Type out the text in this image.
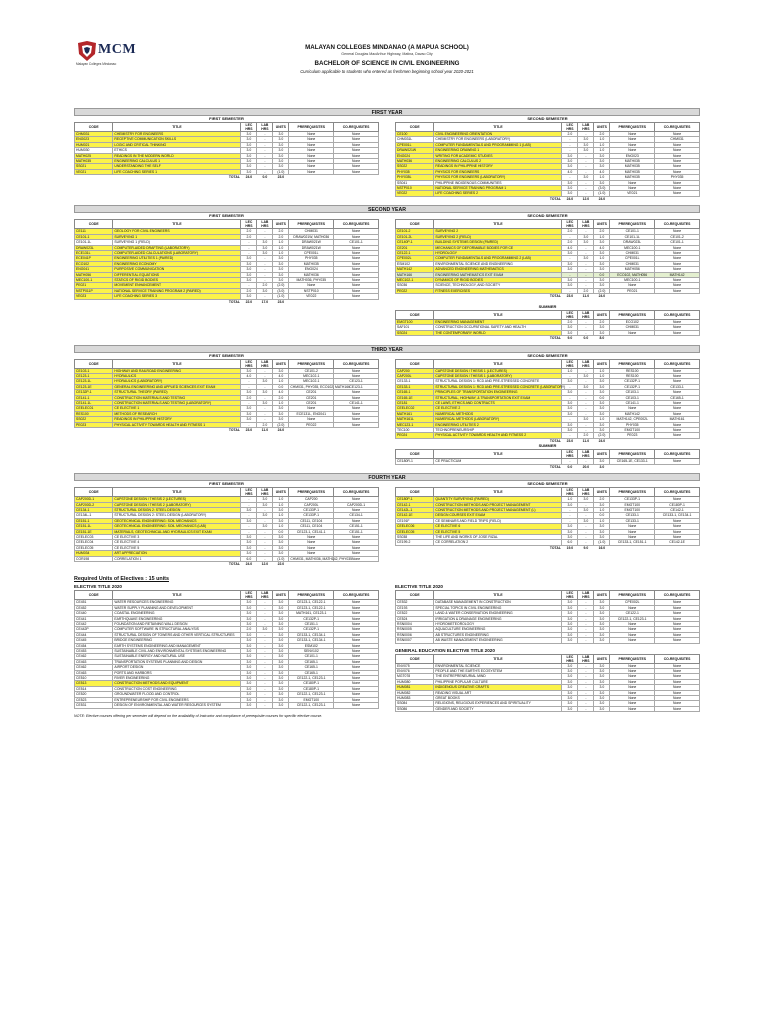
MCM
Malayan Colleges Mindanao
MALAYAN COLLEGES MINDANAO (A MAPUA SCHOOL)
General Douglas MacArthur Highway, Matina, Davao City
BACHELOR OF SCIENCE IN CIVIL ENGINEERING
Curriculum applicable to students who entered as freshmen beginning school year 2020-2021
FIRST YEAR
FIRST SEMESTER
CODE	TITLE	LEC HRS	LAB HRS	UNITS	PREREQUISITES	CO-REQUISITES
CHM031	CHEMISTRY FOR ENGINEERS	3.0	-	3.0	None	None
ENG023	RECEPTIVE COMMUNICATION SKILLS	3.0	-	3.0	None	None
HUM021	LOGIC AND CRITICAL THINKING	3.0	-	3.0	None	None
HUM030	ETHICS	3.0	-	3.0	None	None
MATH025	READINGS IN THE MODERN WORLD	3.0	-	3.0	None	None
MATH035	ENGINEERING CALCULUS 1	3.0	-	3.0	None	None
SS021	UNDERSTANDING THE SELF	3.0	-	3.0	None	None
VE021	LIFE COACHING SERIES 1	3.0	-	(1.0)	None	None
TOTAL		24.0	0.0	23.0		
SECOND SEMESTER
CODE	TITLE	LEC HRS	LAB HRS	UNITS	PREREQUISITES	CO-REQUISITES
CE100	CIVIL ENGINEERING ORIENTATION	2.0	-	2.0	None	None
CHM031L	CHEMISTRY FOR ENGINEERS (LABORATORY)	-	3.0	1.0	None	CHM031
CPE001L	COMPUTER FUNDAMENTALS AND PROGRAMMING 1 (LAB)	-	3.0	1.0	None	None
DRAW021W	ENGINEERING DRAWING 1	-	3.0	1.0	None	None
ENG024	WRITING FOR ACADEMIC STUDIES	3.0	-	3.0	ENG023	None
MATH036	ENGINEERING CALCULUS 2	3.0	-	3.0	MATH035	None
SS022	READINGS IN PHILIPPINE HISTORY	3.0	-	3.0	MATH035	None
PHY035	PHYSICS FOR ENGINEERS	4.0	-	4.0	MATH035	None
PHY035L	PHYSICS FOR ENGINEERS (LABORATORY)	-	3.0	1.0	MATH035	PHY035
SS041	PHILIPPINE INDIGENOUS COMMUNITIES	3.0	-	3.0	None	None
NSTP010	NATIONAL SERVICE TRAINING PROGRAM 1	3.0	-	(3.0)	None	None
VE022	LIFE COACHING SERIES 2	3.0	-	(1.0)	VE021	None
TOTAL		24.0	12.0	24.0		
SECOND YEAR
FIRST SEMESTER
CODE	TITLE	LEC HRS	LAB HRS	UNITS	PREREQUISITES	CO-REQUISITES
CE111	GEOLOGY FOR CIVIL ENGINEERS	2.0	-	2.0	CHM031	None
CE101-1	SURVEYING 1	2.0	-	2.0	DRAW021W, MATH036	None
CE101-1L	SURVEYING 1 (FIELD)	-	3.0	1.0	DRAW021W	CE101-1
DRAW023L	COMPUTER-AIDED DRAFTING (LABORATORY)	-	3.0	1.0	DRAW021W	None
ECE131L	COMPUTER-AIDED CALCULATIONS (LABORATORY)	-	3.0	1.0	CPE001L	None
ECE041P	ENGINEERING UTILITIES 1 (PAIRED)	3.0	-	3.0	PHY035	None
ECO102	ENGINEERING ECONOMY	3.0	-	3.0	MATH035	None
ENG041	PURPOSIVE COMMUNICATION	3.0	-	3.0	ENG024	None
MATH056	DIFFERENTIAL EQUATIONS	3.0	-	3.0	MATH036	None
MEC100-1	STATICS OF RIGID BODIES	3.0	-	3.0	MATH036, PHY035	None
PE021	MOVEMENT ENHANCEMENT	-	2.0	(2.0)	None	None
NSTP011P	NATIONAL SERVICE TRAINING PROGRAM 2 (PAIRED)	2.0	3.0	(3.0)	NSTP010	None
VE023	LIFE COACHING SERIES 3	3.0	-	(1.0)	VE022	None
TOTAL		22.0	17.0	23.0		
SECOND SEMESTER
CODE	TITLE	LEC HRS	LAB HRS	UNITS	PREREQUISITES	CO-REQUISITES
CE101-2	SURVEYING 2	2.0	-	2.0	CE101-1	None
CE101-2L	SURVEYING 2 (FIELD)	-	3.0	1.0	CE101-1L	CE101-2
CE140P-1	BUILDING SYSTEMS DESIGN (PAIRED)	2.0	3.0	3.0	DRAW023L	CE101-1
CE201	MECHANICS OF DEFORMABLE BODIES FOR CE	4.0	-	4.0	MEC100-1	None
CE122-1	HYDROLOGY	3.0	-	3.0	CHM031	None
CPE002L	COMPUTER FUNDAMENTALS AND PROGRAMMING 2 (LAB)	-	3.0	1.0	CPE001L	None
ESM102	ENVIRONMENTAL SCIENCE AND ENGINEERING	3.0	-	3.0	CHM031	None
MATH142	ADVANCED ENGINEERING MATHEMATICS	3.0	-	3.0	MATH056	None
MATH166	ENGINEERING MATHEMATICS EXIT EXAM	-	-	0.0	ECO102, MATH056	MATH142
MEC102-1	DYNAMICS OF RIGID BODIES	3.0	-	3.0	MEC100-1	None
SS036	SCIENCE, TECHNOLOGY, AND SOCIETY	3.0	-	3.0	None	None
PE022	FITNESS EXERCISES	-	2.0	(2.0)	PE021	None
TOTAL		23.0	11.0	24.0		
SUMMER
CODE	TITLE	LEC HRS	LAB HRS	UNITS	PREREQUISITES	CO-REQUISITES
EMGT100	ENGINEERING MANAGEMENT	2.0	-	2.0	ECO102	None
SAF101	CONSTRUCTION OCCUPATIONAL SAFETY AND HEALTH	3.0	-	3.0	CHM031	None
SS024	THE CONTEMPORARY WORLD	3.0	-	3.0	None	None
TOTAL		9.0	0.0	8.0		
THIRD YEAR
FIRST SEMESTER
CODE	TITLE	LEC HRS	LAB HRS	UNITS	PREREQUISITES	CO-REQUISITES
CE103-1	HIGHWAY AND RAILROAD ENGINEERING	3.0	-	3.0	CE101-2	None
CE123-1	HYDRAULICS	4.0	-	4.0	MEC102-1	None
CE123-1L	HYDRAULICS (LABORATORY)	-	3.0	1.0	MEC102-1	CE123-1
CE123-1E	GENERAL ENGINEERING AND APPLIED SCIENCES EXIT EXAM	-	-	0.0	CHM031, PHY035, ECO102, MATH166	CE123-1
CE132P-1	STRUCTURAL THEORY (PAIRED)	3.0	3.0	4.0	CE201	None
CE141-1	CONSTRUCTION MATERIALS AND TESTING	2.0	-	2.0	CE201	None
CE141-1L	CONSTRUCTION MATERIALS AND TESTING (LABORATORY)	-	3.0	1.0	CE201	CE141-1
CEELEC01	CE ELECTIVE 1	3.0	-	3.0	None	None
RES100	METHODS OF RESEARCH	3.0	-	3.0	ECE131L, ENG041	None
SS022	READINGS IN PHILIPPINE HISTORY	3.0	-	3.0	None	None
PE023	PHYSICAL ACTIVITY TOWARDS HEALTH AND FITNESS 1	-	2.0	(2.0)	PE022	None
TOTAL		23.0	11.0	24.0		
SECOND SEMESTER
CODE	TITLE	LEC HRS	LAB HRS	UNITS	PREREQUISITES	CO-REQUISITES
CAP200	CAPSTONE DESIGN / THESIS 1 (LECTURES)	1.0	-	1.0	RES100	None
CAP200L	CAPSTONE DESIGN / THESIS 1 (LABORATORY)	-	3.0	1.0	RES100	None
CE133-1	STRUCTURAL DESIGN 1: RCD AND PRE-STRESSED CONCRETE	3.0	-	3.0	CE132P-1	None
CE133-1	STRUCTURAL DESIGN 1: RCD AND PRE-STRESSED CONCRETE (LABORATORY)	-	3.0	3.0	CE132P-1	CE133-1
CE165-1	PRINCIPLES OF TRANSPORTATION ENGINEERING	3.0	-	3.0	CE103-1	None
CE165-1E	STRUCTURAL, HIGHWAY, & TRANSPORTATION EXIT EXAM	-	-	0.0	CE103-1	CE165-1
CE181	CE LAWS, ETHICS AND CONTRACTS	3.0	-	3.0	CE141-1	None
CEELEC02	CE ELECTIVE 2	3.0	-	3.0	None	None
MATH161	NUMERICAL METHODS	3.0	-	3.0	MATH142	None
MATH161L	NUMERICAL METHODS (LABORATORY)	-	3.0	1.0	MATH142, CPE002L	MATH161
MEC123-1	ENGINEERING UTILITIES 2	3.0	-	3.0	PHY035	None
TEC100	TECHNOPRENEURSHIP	3.0	-	3.0	EMGT100	None
PE024	PHYSICAL ACTIVITY TOWARDS HEALTH AND FITNESS 2	-	2.0	(2.0)	PE023	None
TOTAL		23.0	11.0	24.0		
SUMMER
CODE	TITLE	LEC HRS	LAB HRS	UNITS	PREREQUISITES	CO-REQUISITES
CE180R-1	CE PRACTICUM	-	-	3.0	CE165-1E, CE133-1	None
TOTAL		0.0	20.0	3.0		
FOURTH YEAR
FIRST SEMESTER
CODE	TITLE	LEC HRS	LAB HRS	UNITS	PREREQUISITES	CO-REQUISITES
CAP200D-1	CAPSTONE DESIGN / THESIS 2 (LECTURES)	-	3.0	1.0	CAP200	None
CAP200D-2	CAPSTONE DESIGN / THESIS 2 (LABORATORY)	-	3.0	1.0	CAP200L	CAP200D-1
CE134-1	STRUCTURAL DESIGN 2: STEEL DESIGN	3.0	-	3.0	CE133P-1	None
CE134L-1	STRUCTURAL DESIGN 2: STEEL DESIGN (LABORATORY)	-	3.0	1.0	CE133P-1	CE134-1
CE151-1	GEOTECHNICAL ENGINEERING: SOIL MECHANICS	3.0	-	3.0	CE111, CE104	None
CE151-1L	GEOTECHNICAL ENGINEERING: SOIL MECHANICS (LAB)	-	3.0	1.0	CE111, CE104	CE151-1
CE151-1E	MATERIALS, GEOTECHNICAL AND HYDRAULICS EXIT EXAM	-	-	0.0	CE123-1, CE141-1	CE151-1
CEELEC03	CE ELECTIVE 3	3.0	-	3.0	None	None
CEELEC04	CE ELECTIVE 4	3.0	-	3.0	None	None
CEELEC05	CE ELECTIVE 5	3.0	-	3.0	None	None
HUM034	ART APPRECIATION	3.0	-	3.0	None	None
COR198	CORRELATION 1	6.0	-	(1.0)	CHM031, MATH036, MATH142, PHY035	None
TOTAL		24.0	12.0	22.0		
SECOND SEMESTER
CODE	TITLE	LEC HRS	LAB HRS	UNITS	PREREQUISITES	CO-REQUISITES
CE180P-1	QUANTITY SURVEYING (PAIRED)	1.0	3.0	2.0	CE133P-1	None
CE142-1	CONSTRUCTION METHODS AND PROJECT MANAGEMENT	3.0	-	3.0	EMGT100	CE180P-1
CE142L-1	CONSTRUCTION METHODS AND PROJECT MANAGEMENT (L)	-	3.0	1.0	EMGT100	CE142-1
CE142-1E	DESIGN COURSES EXIT EXAM	-	-	0.0	CE133-1	CE133-1, CE134-1
CE191F	CE SEMINARS AND FIELD TRIPS (FIELD)	-	3.0	1.0	CE133-1	None
CEELEC06	CE ELECTIVE 6	3.0	-	3.0	None	None
CEELEC05	CE ELECTIVE 5	3.0	-	3.0	None	None
SS038	THE LIFE AND WORKS OF JOSE RIZAL	3.0	-	3.0	None	None
CE199-2	CE CORRELATION 2	6.0	-	(1.0)	CE133-1, CE151-1	CE142-1E
TOTAL		19.0	9.0	16.0		
Required Units of Electives : 15 units
ELECTIVE TITLE 2020
CODE	TITLE	LEC HRS	LAB HRS	UNITS	PREREQUISITES	CO-REQUISITES
CE451	WATER RESOURCES ENGINEERING	3.0	-	3.0	CE123-1, CE122-1	None
CE452	WATER SUPPLY PLANNING AND DEVELOPMENT	3.0	-	3.0	CE123-1, CE122-1	None
CE440	COASTAL ENGINEERING	3.0	-	3.0	MATH161, CE123-1	None
CE441	EARTHQUAKE ENGINEERING	3.0	-	3.0	CE132P-1	None
CE442	FOUNDATION AND RETAINING WALL DESIGN	3.0	-	3.0	CE151-1	None
CE442P	COMPUTER SOFTWARE IN STRUCTURAL ANALYSIS	2.0	3.0	3.0	CE132P-1	None
CE444	STRUCTURAL DESIGN OF TOWERS AND OTHER VERTICAL STRUCTURES	3.0	-	3.0	CE133-1, CE134-1	None
CE445	BRIDGE ENGINEERING	3.0	-	3.0	CE133-1, CE134-1	None
CE454	EARTH SYSTEMS ENGINEERING AND MANAGEMENT	3.0	-	3.0	ESM102	None
CE453	SUSTAINABLE CIVIL AND ENVIRONMENTAL SYSTEMS ENGINEERING	3.0	-	3.0	SENV102	None
CE462	SUSTAINABLE ENERGY AND NATURAL USE	3.0	-	3.0	CE101-1	None
CE463	TRANSPORTATION SYSTEMS PLANNING AND DESIGN	3.0	-	3.0	CE165-1	None
CE462	AIRPORT DESIGN	3.0	-	3.0	CE165-1	None
CE463	PORTS AND HARBORS	3.0	-	3.0	CE165-1	None
CE510	RIVER ENGINEERING	3.0	-	3.0	CE122-1, CE123-1	None
CE513	CONSTRUCTION METHODS AND EQUIPMENT	3.0	-	3.0	CE180P-1	None
CE514	CONSTRUCTION COST ENGINEERING	3.0	-	3.0	CE180P-1	None
CE520	GROUNDWATER FLOOD AND CONTROL	3.0	-	3.0	CE122-1, CE123-1	None
CE523	ENTREPRENEURSHIP FOR CIVIL ENGINEERS	3.0	-	3.0	EMGT100	None
CE531	DESIGN OF ENVIRONMENTAL AND WATER RESOURCES SYSTEM	3.0	-	3.0	CE122-1, CE123-1	None
ELECTIVE TITLE 2020
CODE	TITLE	LEC HRS	LAB HRS	UNITS	PREREQUISITES	CO-REQUISITES
CE532	DATABASE MANAGEMENT IN CONSTRUCTION	3.0	-	3.0	CPE002L	None
CE193	SPECIAL TOPICS IN CIVIL ENGINEERING	3.0	-	3.0	None	None
CE522	LAND & WATER CONSERVATION ENGINEERING	3.0	-	3.0	CE122-1	None
CE524	IRRIGATION & DRAINAGE ENGINEERING	3.0	-	3.0	CE122-1, CE123-1	None
RSN0004	HYDROMETEOROLOGY	3.0	-	3.0	None	None
RSN0005	AQUACULTURE ENGINEERING	3.0	-	3.0	None	None
RSN0006	AB STRUCTURES ENGINEERING	3.0	-	3.0	None	None
RSN0007	AB WASTE MANAGEMENT ENGINEERING	3.0	-	3.0	None	None
GENERAL EDUCATION ELECTIVE TITLE 2020
CODE	TITLE	LEC HRS	LAB HRS	UNITS	PREREQUISITES	CO-REQUISITES
ENV075	ENVIRONMENTAL SCIENCE	3.0	-	3.0	None	None
ENV076	PEOPLE AND THE EARTH'S ECOSYSTEM	3.0	-	3.0	None	None
MGT078	THE ENTREPRENEURIAL MIND	3.0	-	3.0	None	None
HUM080	PHILIPPINE POPULAR CULTURE	3.0	-	3.0	None	None
HUM081	INDIGENOUS CREATIVE CRAFTS	3.0	-	3.0	None	None
HUM082	READING VISUAL ART	3.0	-	3.0	None	None
HUM083	GREAT BOOKS	3.0	-	3.0	None	None
SS084	RELIGIONS, RELIGIOUS EXPERIENCES AND SPIRITUALITY	3.0	-	3.0	None	None
SS086	GENDER AND SOCIETY	3.0	-	3.0	None	None
NOTE: Elective courses offering per semester will depend on the availability of Instructor and compliance of prerequisite courses for specific elective course.
